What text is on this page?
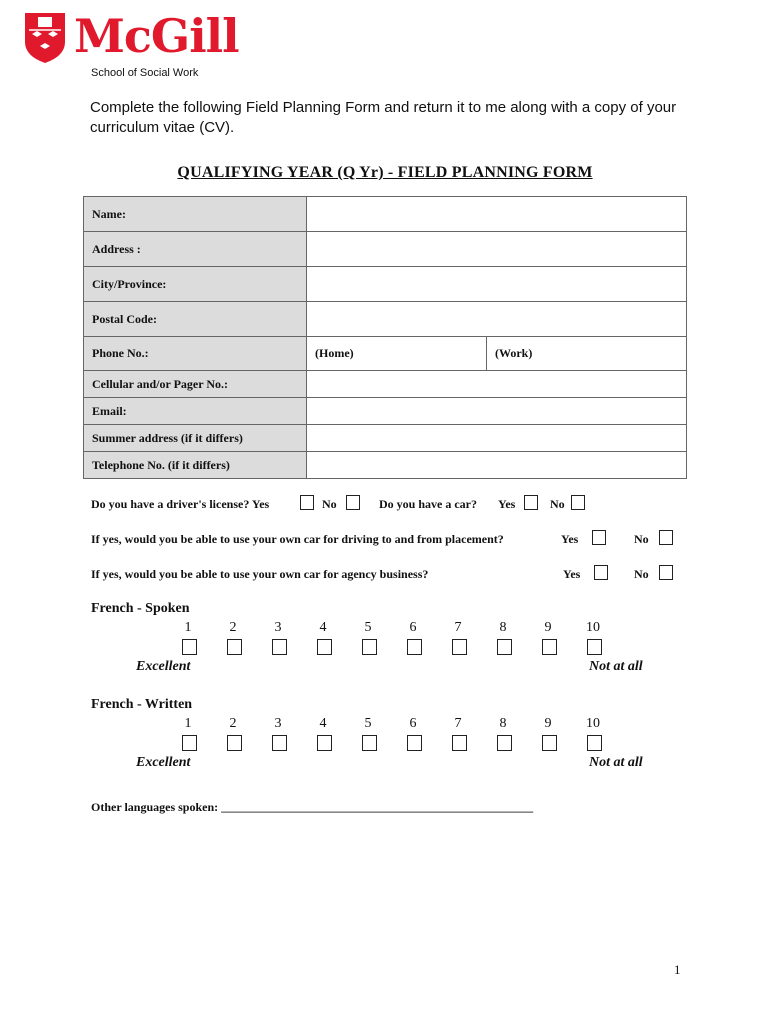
McGill
School of Social Work
Complete the following Field Planning Form and return it to me along with a copy of your curriculum vitae (CV).
QUALIFYING YEAR (Q Yr) - FIELD PLANNING FORM
Name:		
Address :		
City/Province:		
Postal Code:		
Phone No.:	(Home)	(Work)
Cellular and/or Pager No.:		
Email:		
Summer address (if it differs)		
Telephone No. (if it differs)		
Do you have a driver's license? Yes	No	Do you have a car? Yes	No
If yes, would you be able to use your own car for driving to and from placement?	Yes	No
If yes, would you be able to use your own car for agency business?	Yes	No
French - Spoken
1	2	3	4	5	6	7	8	9	10
Excellent	Not at all
French - Written
1	2	3	4	5	6	7	8	9	10
Excellent	Not at all
Other languages spoken: ____________________________________________________
1
